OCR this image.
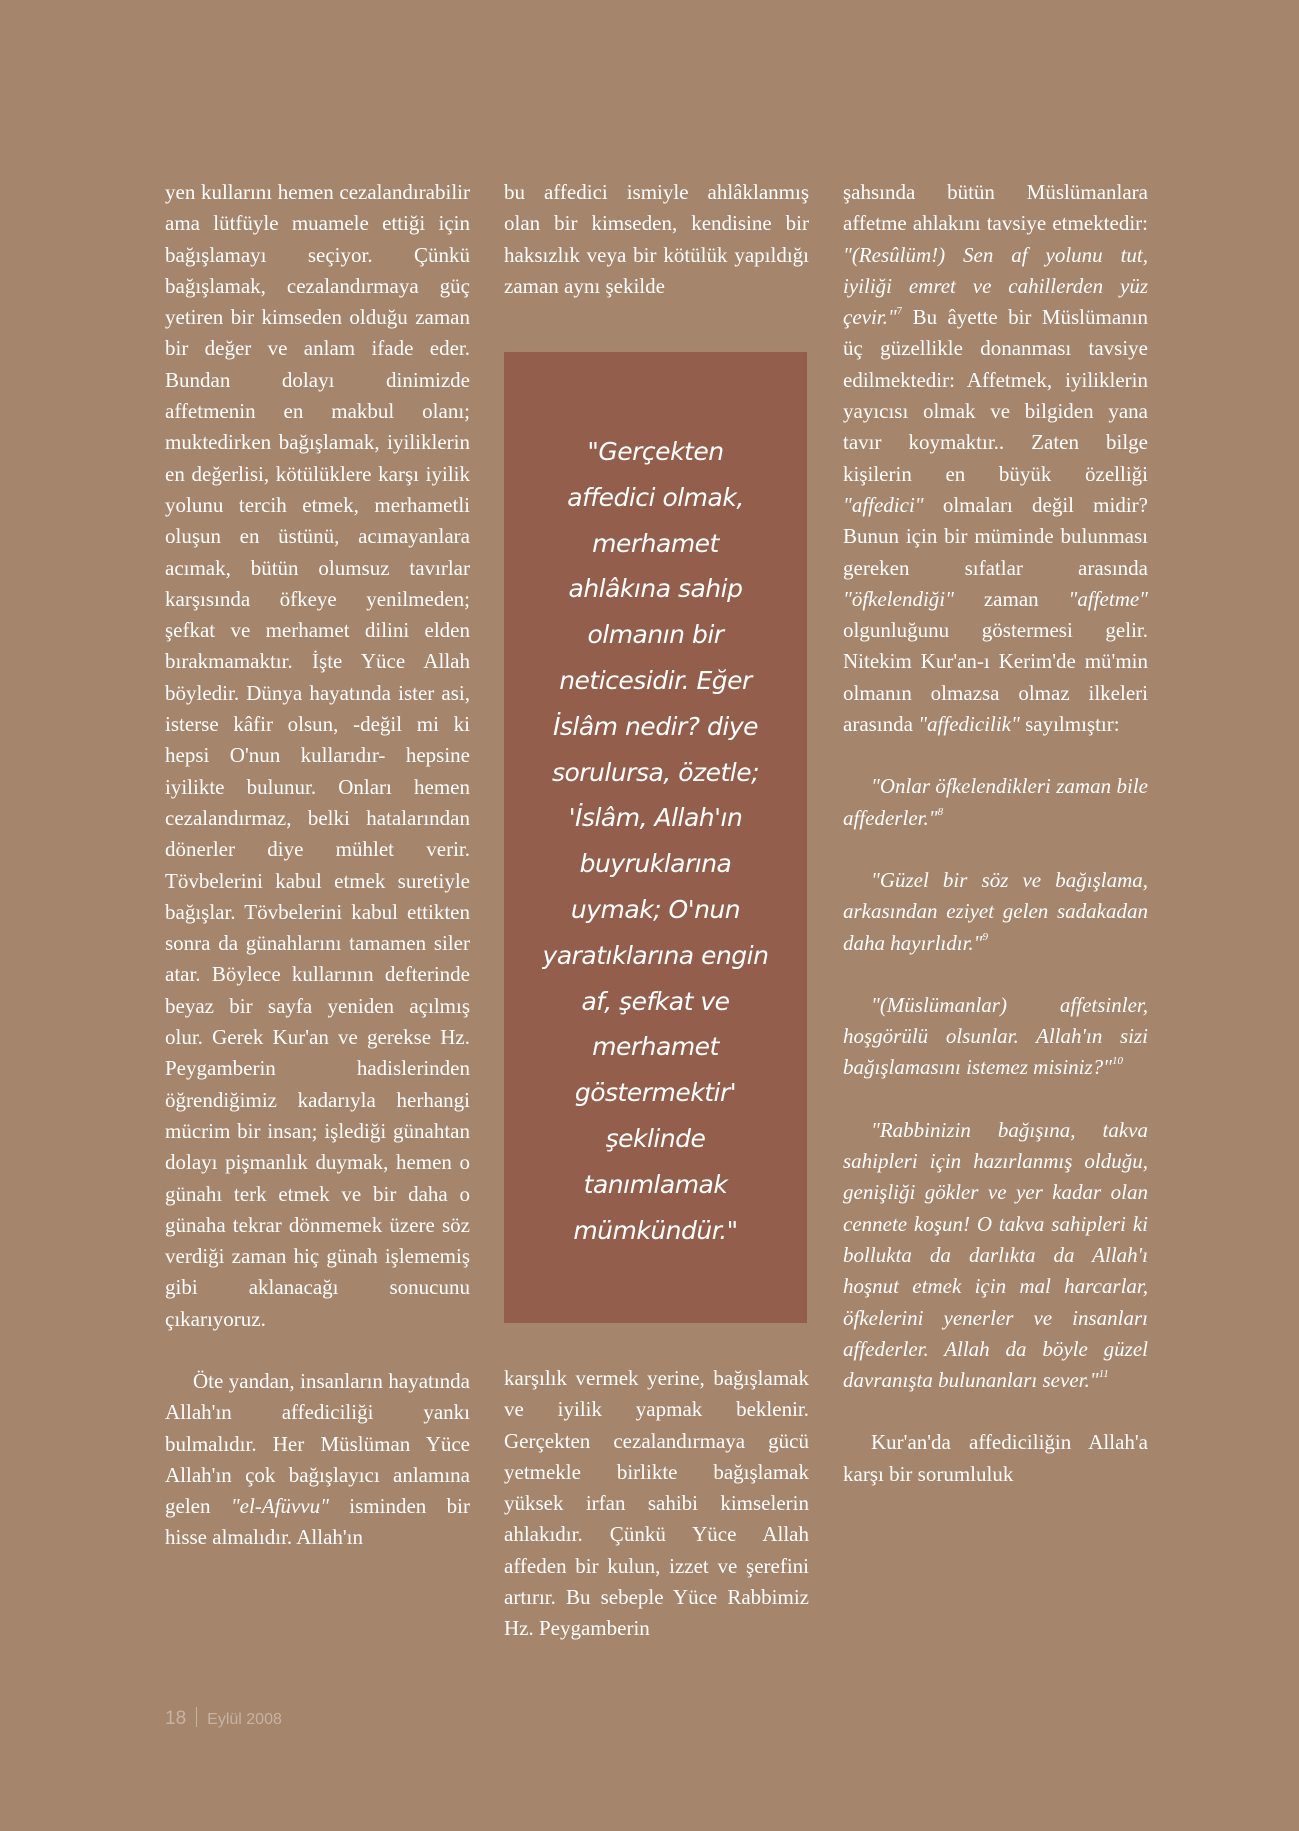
yen kullarını hemen cezalandırabilir ama lütfüyle muamele ettiği için bağışlamayı seçiyor. Çünkü bağışlamak, cezalandırmaya güç yetiren bir kimseden olduğu zaman bir değer ve anlam ifade eder. Bundan dolayı dinimizde affetmenin en makbul olanı; muktedirken bağışlamak, iyiliklerin en değerlisi, kötülüklere karşı iyilik yolunu tercih etmek, merhametli oluşun en üstünü, acımayanlara acımak, bütün olumsuz tavırlar karşısında öfkeye yenilmeden; şefkat ve merhamet dilini elden bırakmamaktır. İşte Yüce Allah böyledir. Dünya hayatında ister asi, isterse kâfir olsun, -değil mi ki hepsi O'nun kullarıdır- hepsine iyilikte bulunur. Onları hemen cezalandırmaz, belki hatalarından dönerler diye mühlet verir. Tövbelerini kabul etmek suretiyle bağışlar. Tövbelerini kabul ettikten sonra da günahlarını tamamen siler atar. Böylece kullarının defterinde beyaz bir sayfa yeniden açılmış olur. Gerek Kur'an ve gerekse Hz. Peygamberin hadislerinden öğrendiğimiz kadarıyla herhangi mücrim bir insan; işlediği günahtan dolayı pişmanlık duymak, hemen o günahı terk etmek ve bir daha o günaha tekrar dönmemek üzere söz verdiği zaman hiç günah işlememiş gibi aklanacağı sonucunu çıkarıyoruz.

Öte yandan, insanların hayatında Allah'ın affediciliği yankı bulmalıdır. Her Müslüman Yüce Allah'ın çok bağışlayıcı anlamına gelen "el-Afüvvu" isminden bir hisse almalıdır. Allah'ın

bu affedici ismiyle ahlâklanmış olan bir kimseden, kendisine bir haksızlık veya bir kötülük yapıldığı zaman aynı şekilde

"Gerçekten affedici olmak, merhamet ahlâkına sahip olmanın bir neticesidir. Eğer İslâm nedir? diye sorulursa, özetle; 'İslâm, Allah'ın buyruklarına uymak; O'nun yaratıklarına engin af, şefkat ve merhamet göstermektir' şeklinde tanımlamak mümkündür."

karşılık vermek yerine, bağışlamak ve iyilik yapmak beklenir. Gerçekten cezalandırmaya gücü yetmekle birlikte bağışlamak yüksek irfan sahibi kimselerin ahlakıdır. Çünkü Yüce Allah affeden bir kulun, izzet ve şerefini artırır. Bu sebeple Yüce Rabbimiz Hz. Peygamberin

şahsında bütün Müslümanlara affetme ahlakını tavsiye etmektedir: "(Resûlüm!) Sen af yolunu tut, iyiliği emret ve cahillerden yüz çevir."$^7$ Bu âyette bir Müslümanın üç güzellikle donanması tavsiye edilmektedir: Affetmek, iyiliklerin yayıcısı olmak ve bilgiden yana tavır koymaktır.. Zaten bilge kişilerin en büyük özelliği "affedici" olmaları değil midir? Bunun için bir müminde bulunması gereken sıfatlar arasında "öfkelendiği" zaman "affetme" olgunluğunu göstermesi gelir. Nitekim Kur'an-ı Kerim'de mü'min olmanın olmazsa olmaz ilkeleri arasında "affedicilik" sayılmıştır:

"Onlar öfkelendikleri zaman bile affederler."$^8$

"Güzel bir söz ve bağışlama, arkasından eziyet gelen sadakadan daha hayırlıdır."$^9$

"(Müslümanlar) affetsinler, hoşgörülü olsunlar. Allah'ın sizi bağışlamasını istemez misiniz?"$^{10}$

"Rabbinizin bağışına, takva sahipleri için hazırlanmış olduğu, genişliği gökler ve yer kadar olan cennete koşun! O takva sahipleri ki bollukta da darlıkta da Allah'ı hoşnut etmek için mal harcarlar, öfkelerini yenerler ve insanları affederler. Allah da böyle güzel davranışta bulunanları sever."$^{11}$

Kur'an'da affediciliğin Allah'a karşı bir sorumluluk

18 Eylül 2008
